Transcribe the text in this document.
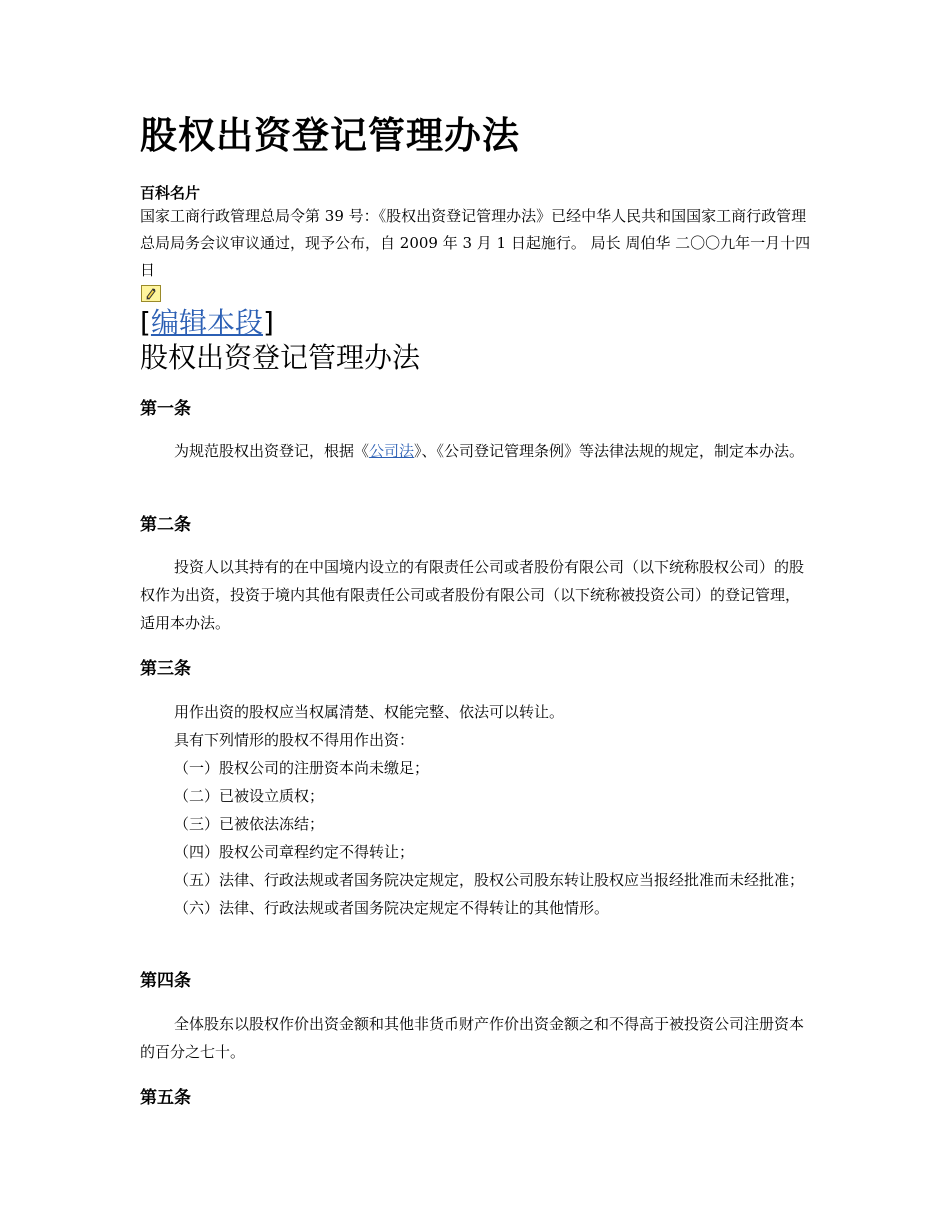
股权出资登记管理办法
百科名片

国家工商行政管理总局令第 39 号：《股权出资登记管理办法》已经中华人民共和国国家工商行政管理总局局务会议审议通过，现予公布，自 2009 年 3 月 1 日起施行。 局长 周伯华 二〇〇九年一月十四日

[编辑本段]
股权出资登记管理办法
第一条

为规范股权出资登记，根据《公司法》、《公司登记管理条例》等法律法规的规定，制定本办法。

第二条

投资人以其持有的在中国境内设立的有限责任公司或者股份有限公司（以下统称股权公司）的股权作为出资，投资于境内其他有限责任公司或者股份有限公司（以下统称被投资公司）的登记管理，适用本办法。

第三条
用作出资的股权应当权属清楚、权能完整、依法可以转让。
具有下列情形的股权不得用作出资：
（一）股权公司的注册资本尚未缴足；
（二）已被设立质权；
（三）已被依法冻结；
（四）股权公司章程约定不得转让；
（五）法律、行政法规或者国务院决定规定，股权公司股东转让股权应当报经批准而未经批准；
（六）法律、行政法规或者国务院决定规定不得转让的其他情形。
第四条

全体股东以股权作价出资金额和其他非货币财产作价出资金额之和不得高于被投资公司注册资本的百分之七十。

第五条
